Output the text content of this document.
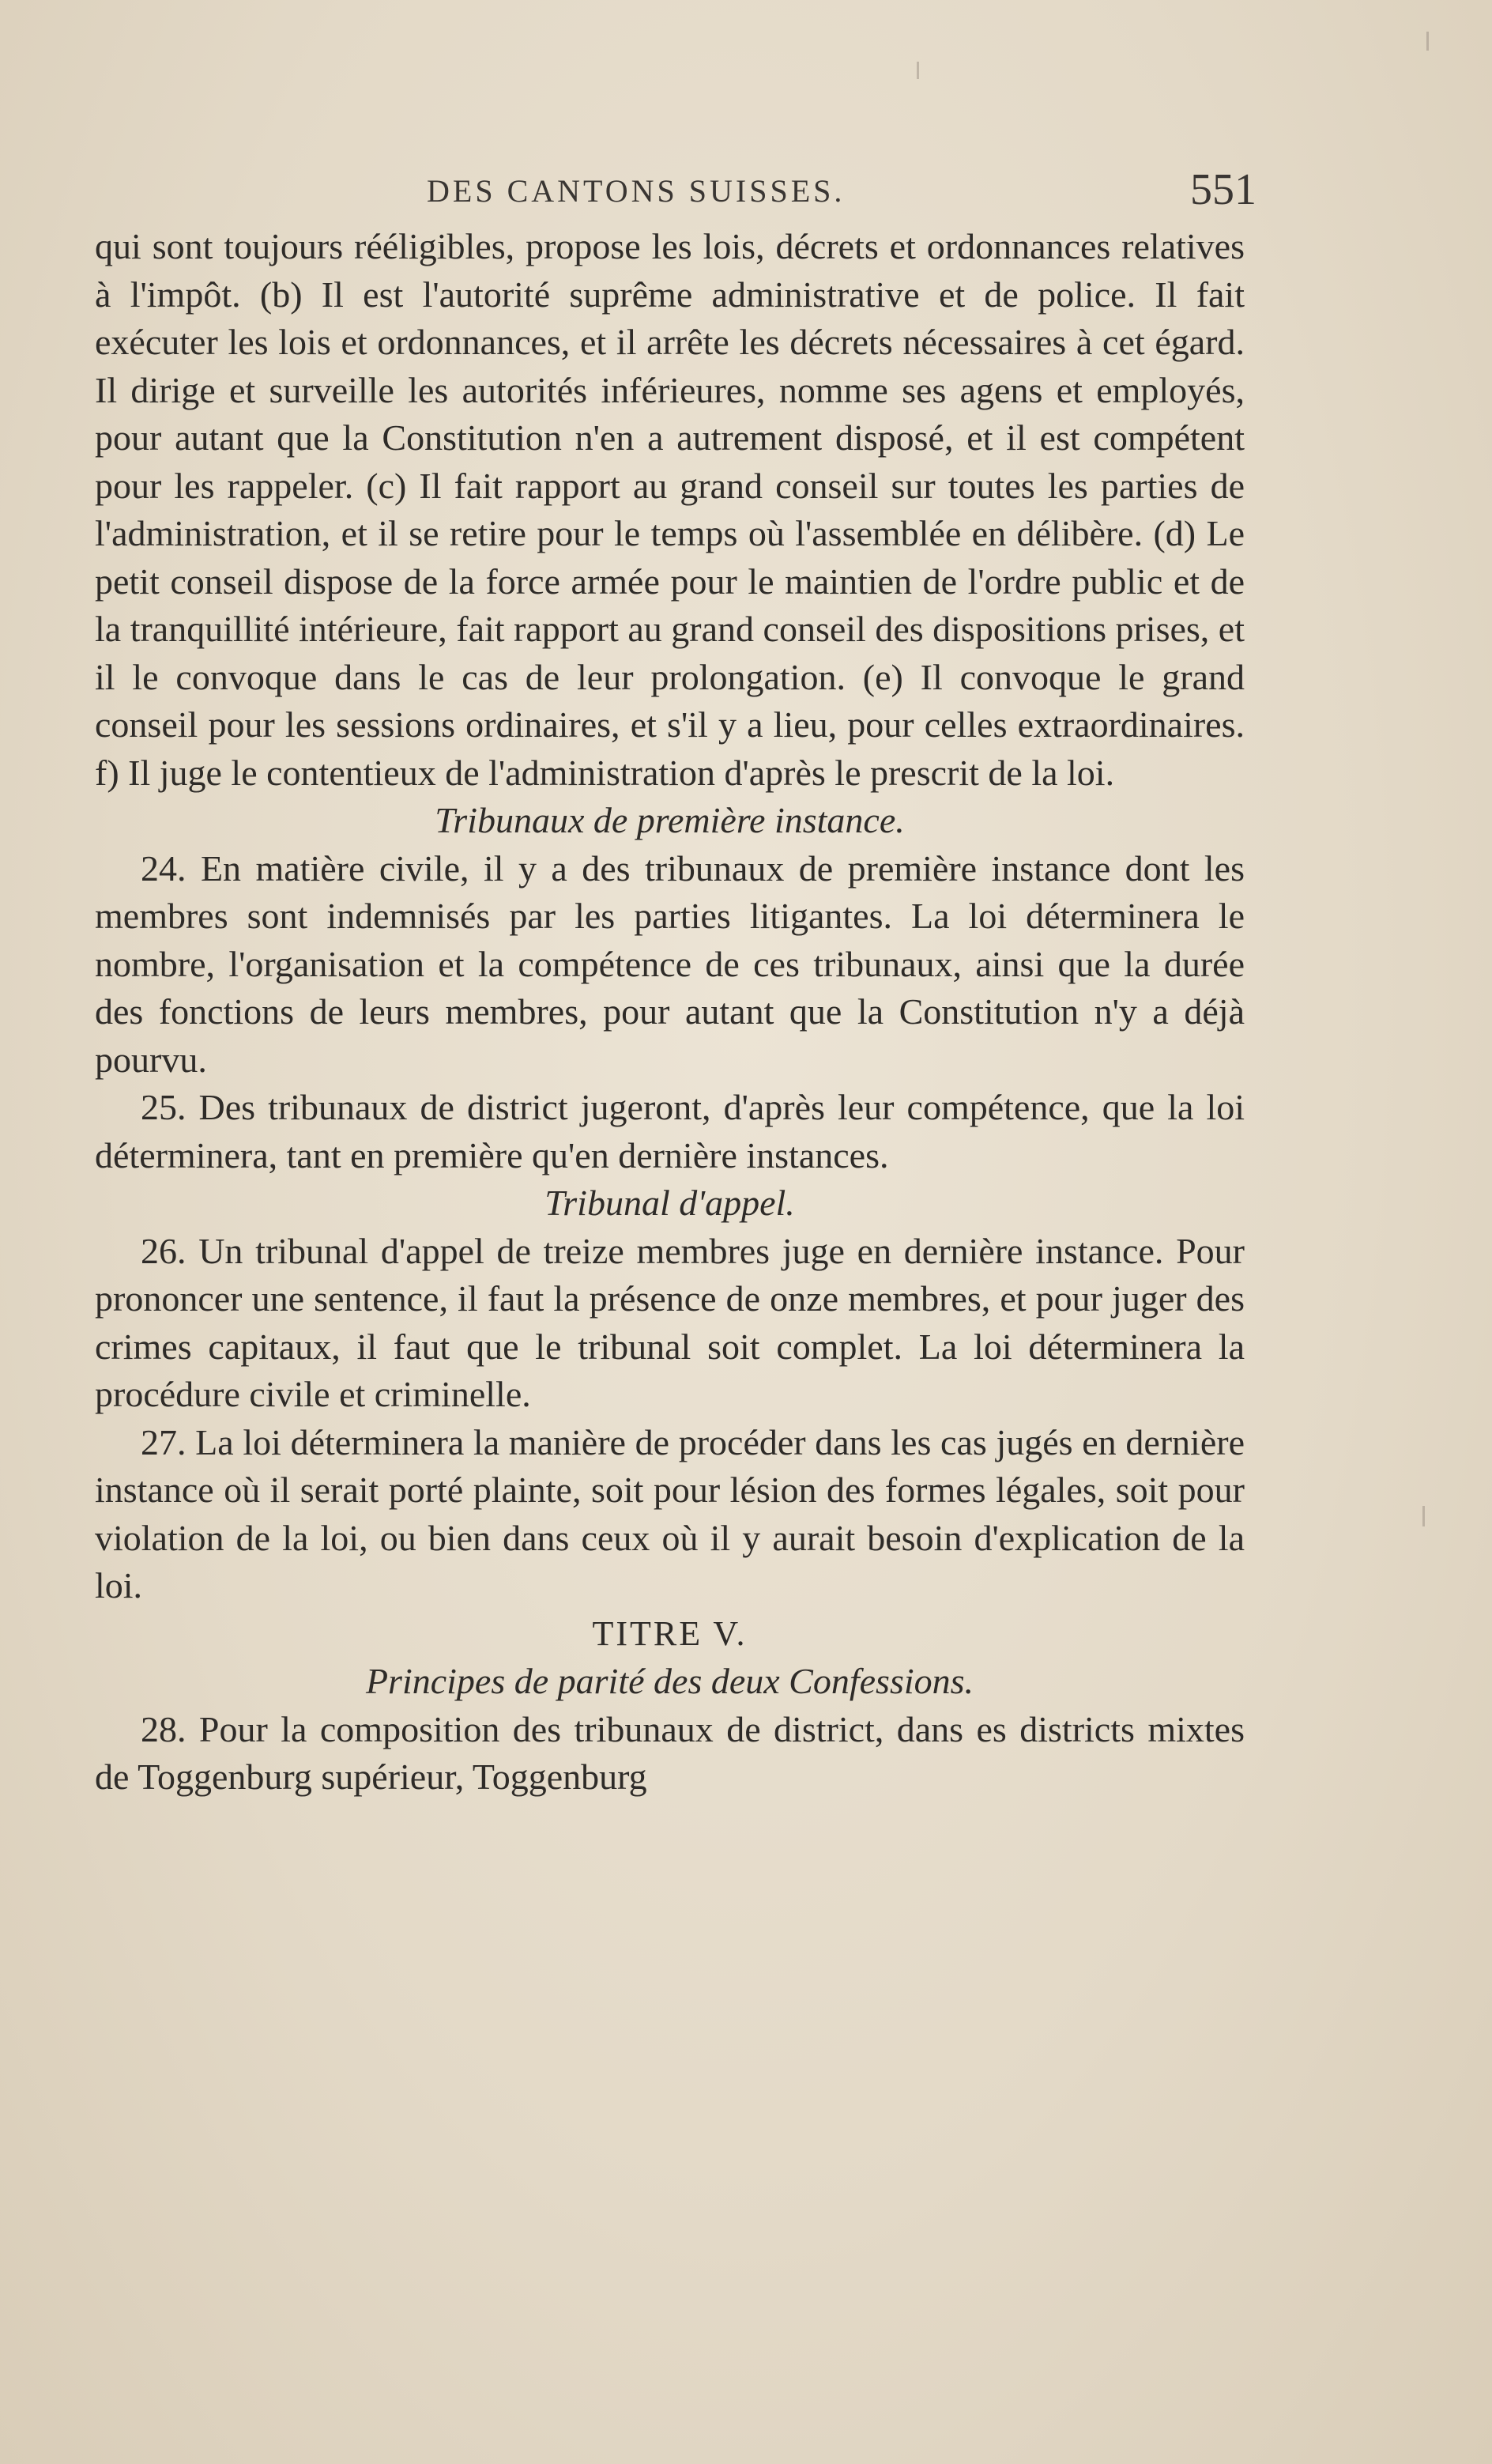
DES CANTONS SUISSES.	551

qui sont toujours rééligibles, propose les lois, décrets et ordonnances relatives à l'impôt. (b) Il est l'autorité suprême administrative et de police. Il fait exécuter les lois et ordonnances, et il arrête les décrets nécessaires à cet égard. Il dirige et surveille les autorités inférieures, nomme ses agens et employés, pour autant que la Constitution n'en a autrement disposé, et il est compétent pour les rappeler. (c) Il fait rapport au grand conseil sur toutes les parties de l'administration, et il se retire pour le temps où l'assemblée en délibère. (d) Le petit conseil dispose de la force armée pour le maintien de l'ordre public et de la tranquillité intérieure, fait rapport au grand conseil des dispositions prises, et il le convoque dans le cas de leur prolongation. (e) Il convoque le grand conseil pour les sessions ordinaires, et s'il y a lieu, pour celles extraordinaires. f) Il juge le contentieux de l'administration d'après le prescrit de la loi.

Tribunaux de première instance.

24. En matière civile, il y a des tribunaux de première instance dont les membres sont indemnisés par les parties litigantes. La loi déterminera le nombre, l'organisation et la compétence de ces tribunaux, ainsi que la durée des fonctions de leurs membres, pour autant que la Constitution n'y a déjà pourvu.

25. Des tribunaux de district jugeront, d'après leur compétence, que la loi déterminera, tant en première qu'en dernière instances.

Tribunal d'appel.

26. Un tribunal d'appel de treize membres juge en dernière instance. Pour prononcer une sentence, il faut la présence de onze membres, et pour juger des crimes capitaux, il faut que le tribunal soit complet. La loi déterminera la procédure civile et criminelle.

27. La loi déterminera la manière de procéder dans les cas jugés en dernière instance où il serait porté plainte, soit pour lésion des formes légales, soit pour violation de la loi, ou bien dans ceux où il y aurait besoin d'explication de la loi.

TITRE V.

Principes de parité des deux Confessions.

28. Pour la composition des tribunaux de district, dans es districts mixtes de Toggenburg supérieur, Toggenburg
